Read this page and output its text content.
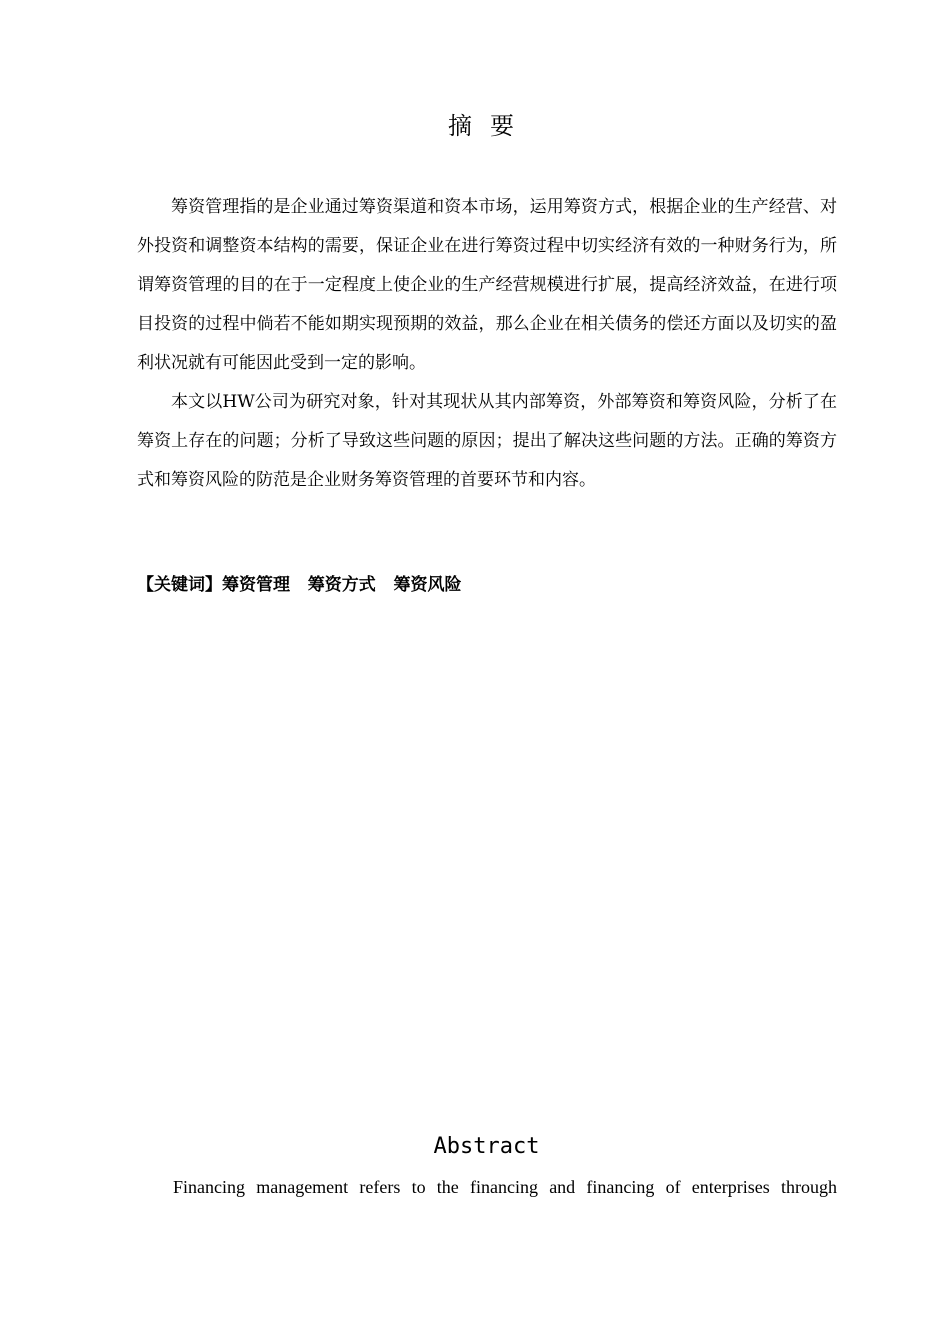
摘要

筹资管理指的是企业通过筹资渠道和资本市场，运用筹资方式，根据企业的生产经营、对外投资和调整资本结构的需要，保证企业在进行筹资过程中切实经济有效的一种财务行为，所谓筹资管理的目的在于一定程度上使企业的生产经营规模进行扩展，提高经济效益，在进行项目投资的过程中倘若不能如期实现预期的效益，那么企业在相关债务的偿还方面以及切实的盈利状况就有可能因此受到一定的影响。

本文以HW公司为研究对象，针对其现状从其内部筹资，外部筹资和筹资风险，分析了在筹资上存在的问题；分析了导致这些问题的原因；提出了解决这些问题的方法。正确的筹资方式和筹资风险的防范是企业财务筹资管理的首要环节和内容。

【关键词】筹资管理 筹资方式 筹资风险
Abstract

Financing management refers to the financing and financing of enterprises through
